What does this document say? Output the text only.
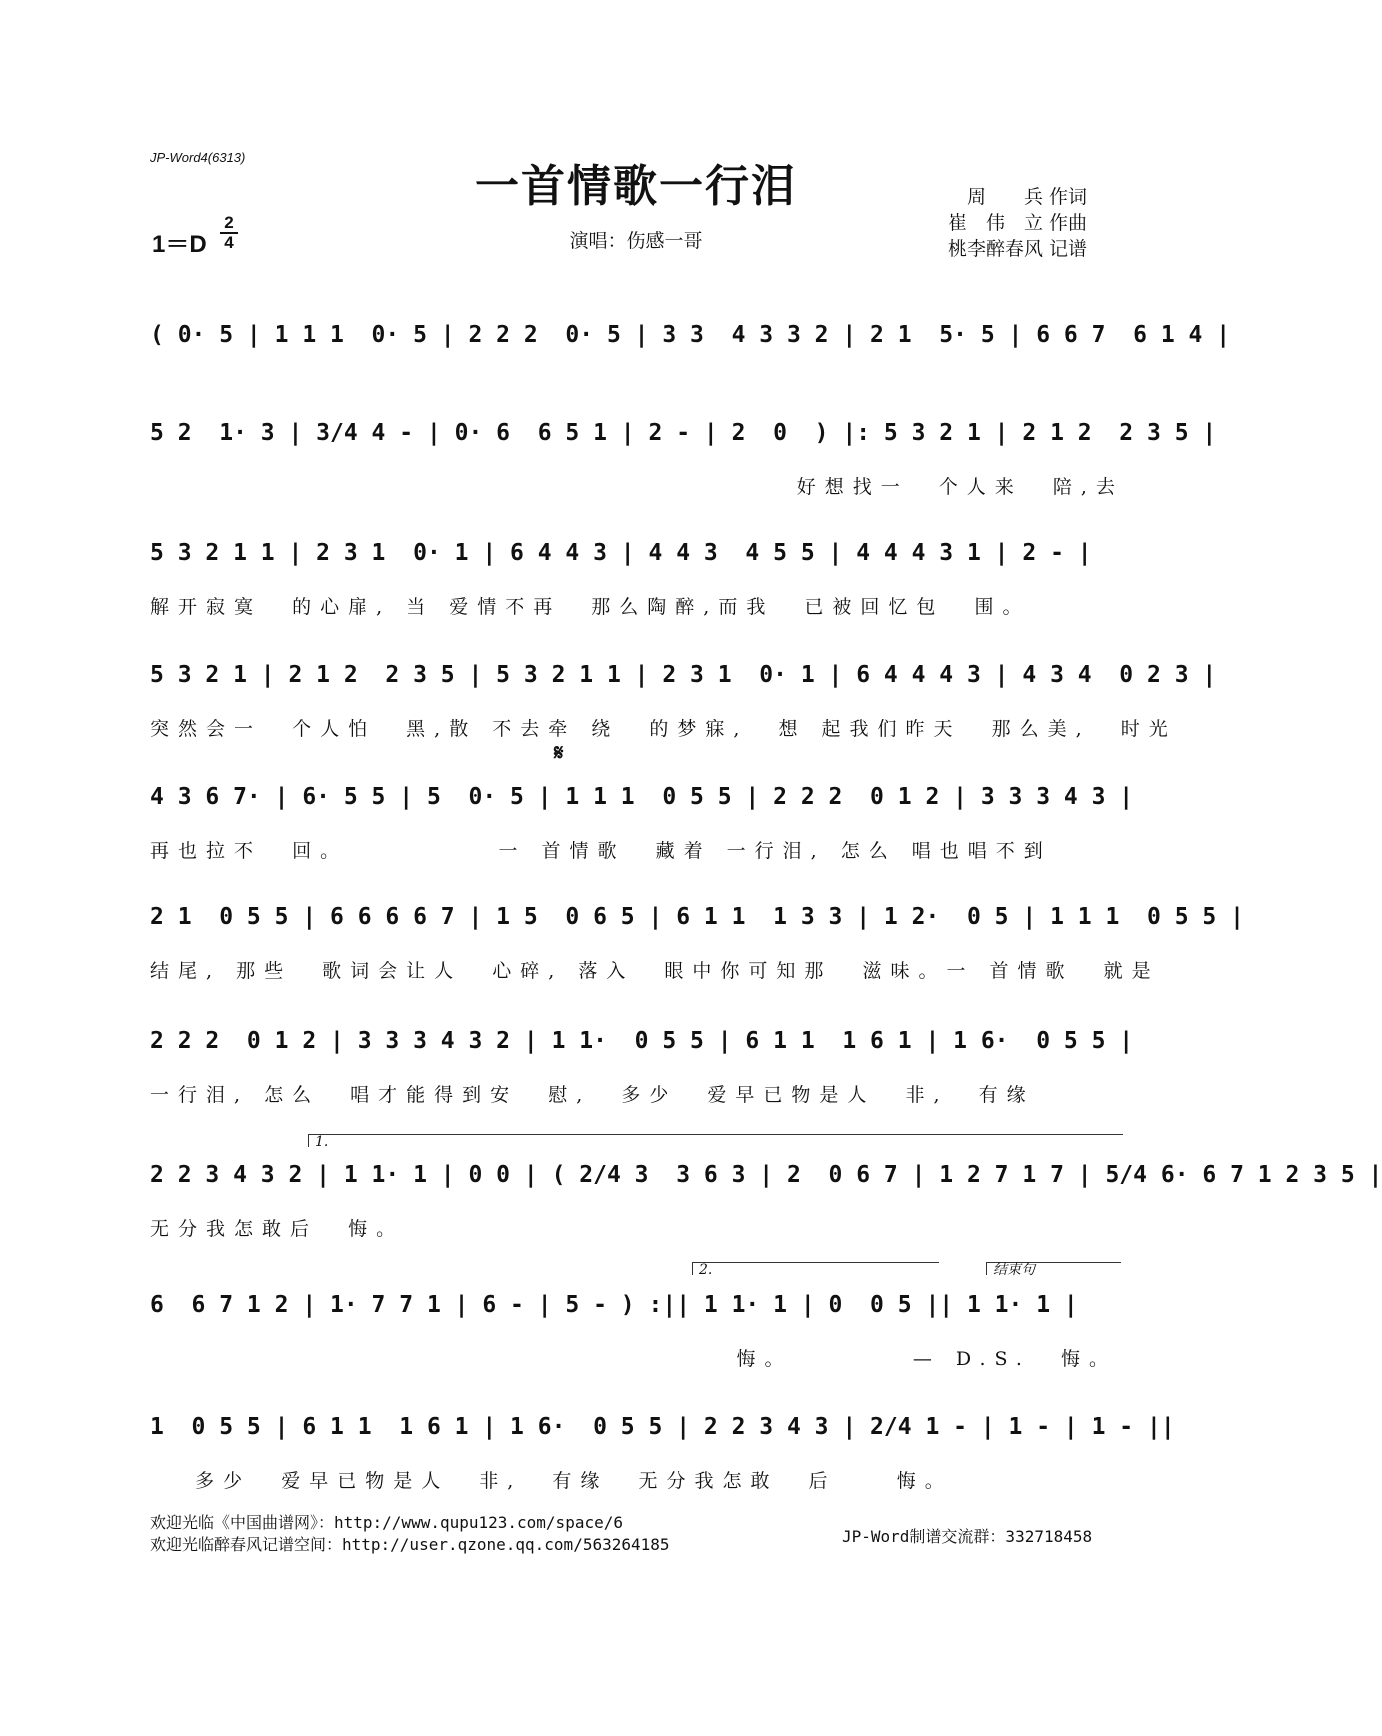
JP-Word4(6313)
一首情歌一行泪
1＝D
2
4	演唱：伤感一哥
周　　兵 作词
崔　伟　立 作曲
桃李醉春风 记谱
( 0· 5 | 1 1 1  0· 5 | 2 2 2  0· 5 | 3 3  4 3 3 2 | 2 1  5· 5 | 6 6 7  6 1 4 |
5 2  1· 3 | 3/4 4 - | 0· 6  6 5 1 | 2 - | 2  0  ) |: 5 3 2 1 | 2 1 2  2 3 5 |
好想找一  个人来  陪,去
5 3 2 1 1 | 2 3 1  0· 1 | 6 4 4 3 | 4 4 3  4 5 5 | 4 4 4 3 1 | 2 - |
解开寂寞  的心扉, 当 爱情不再  那么陶醉,而我  已被回忆包  围。
5 3 2 1 | 2 1 2  2 3 5 | 5 3 2 1 1 | 2 3 1  0· 1 | 6 4 4 4 3 | 4 3 4  0 2 3 |
突然会一  个人怕  黑,散 不去牵 绕  的梦寐,  想 起我们昨天  那么美,  时光
𝄋
4 3 6 7· | 6· 5 5 | 5  0· 5 | 1 1 1  0 5 5 | 2 2 2  0 1 2 | 3 3 3 4 3 |
再也拉不  回。          一 首情歌  藏着 一行泪, 怎么 唱也唱不到
2 1  0 5 5 | 6 6 6 6 7 | 1 5  0 6 5 | 6 1 1  1 3 3 | 1 2·  0 5 | 1 1 1  0 5 5 |
结尾, 那些  歌词会让人  心碎, 落入  眼中你可知那  滋味。一 首情歌  就是
2 2 2  0 1 2 | 3 3 3 4 3 2 | 1 1·  0 5 5 | 6 1 1  1 6 1 | 1 6·  0 5 5 |
一行泪, 怎么  唱才能得到安  慰,  多少  爱早已物是人  非,  有缘
1.
2 2 3 4 3 2 | 1 1· 1 | 0 0 | ( 2/4 3  3 6 3 | 2  0 6 7 | 1 2 7 1 7 | 5/4 6· 6 7 1 2 3 5 |
无分我怎敢后  悔。
2.	结束句
6  6 7 1 2 | 1· 7 7 1 | 6 - | 5 - ) :|| 1 1· 1 | 0  0 5 || 1 1· 1 |
悔。        — D.S.  悔。
1  0 5 5 | 6 1 1  1 6 1 | 1 6·  0 5 5 | 2 2 3 4 3 | 2/4 1 - | 1 - | 1 - ||
多少  爱早已物是人  非,  有缘  无分我怎敢  后    悔。
欢迎光临《中国曲谱网》：http://www.qupu123.com/space/6
欢迎光临醉春风记谱空间：http://user.qzone.qq.com/563264185	JP-Word制谱交流群：332718458
